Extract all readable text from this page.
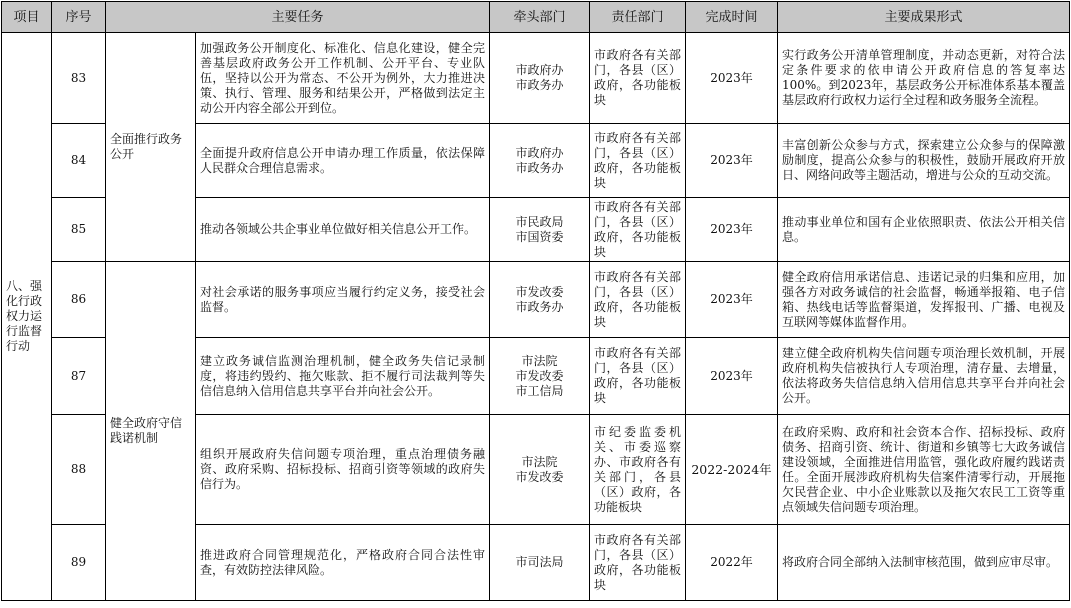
项目	序号	主要任务		牵头部门	责任部门	完成时间	主要成果形式
八、强化行政权力运行监督行动	83	全面推行政务公开	加强政务公开制度化、标准化、信息化建设，健全完善基层政府政务公开工作机制、公开平台、专业队伍，坚持以公开为常态、不公开为例外，大力推进决策、执行、管理、服务和结果公开，严格做到法定主动公开内容全部公开到位。	市政府办
市政务办	市政府各有关部门，各县（区）政府，各功能板块	2023年	实行政务公开清单管理制度，并动态更新，对符合法定条件要求的依申请公开政府信息的答复率达100%。到2023年，基层政务公开标准体系基本覆盖基层政府行政权力运行全过程和政务服务全流程。
	84		全面提升政府信息公开申请办理工作质量，依法保障人民群众合理信息需求。	市政府办
市政务办	市政府各有关部门，各县（区）政府，各功能板块	2023年	丰富创新公众参与方式，探索建立公众参与的保障激励制度，提高公众参与的积极性，鼓励开展政府开放日、网络问政等主题活动，增进与公众的互动交流。
	85		推动各领域公共企事业单位做好相关信息公开工作。	市民政局
市国资委	市政府各有关部门，各县（区）政府，各功能板块	2023年	推动事业单位和国有企业依照职责、依法公开相关信息。
	86	健全政府守信践诺机制	对社会承诺的服务事项应当履行约定义务，接受社会监督。	市发改委
市政务办	市政府各有关部门，各县（区）政府，各功能板块	2023年	健全政府信用承诺信息、违诺记录的归集和应用，加强各方对政务诚信的社会监督，畅通举报箱、电子信箱、热线电话等监督渠道，发挥报刊、广播、电视及互联网等媒体监督作用。
	87		建立政务诚信监测治理机制，健全政务失信记录制度，将违约毁约、拖欠账款、拒不履行司法裁判等失信信息纳入信用信息共享平台并向社会公开。	市法院
市发改委
市工信局	市政府各有关部门，各县（区）政府，各功能板块	2023年	建立健全政府机构失信问题专项治理长效机制，开展政府机构失信被执行人专项治理，清存量、去增量，依法将政务失信信息纳入信用信息共享平台并向社会公开。
	88		组织开展政府失信问题专项治理，重点治理债务融资、政府采购、招标投标、招商引资等领域的政府失信行为。	市法院
市发改委	市纪委监委机关、市委巡察办、市政府各有关部门，各县（区）政府，各功能板块	2022-2024年	在政府采购、政府和社会资本合作、招标投标、政府债务、招商引资、统计、街道和乡镇等七大政务诚信建设领域，全面推进信用监管，强化政府履约践诺责任。全面开展涉政府机构失信案件清零行动，开展拖欠民营企业、中小企业账款以及拖欠农民工工资等重点领域失信问题专项治理。
	89		推进政府合同管理规范化，严格政府合同合法性审查，有效防控法律风险。	市司法局	市政府各有关部门，各县（区）政府，各功能板块	2022年	将政府合同全部纳入法制审核范围，做到应审尽审。
